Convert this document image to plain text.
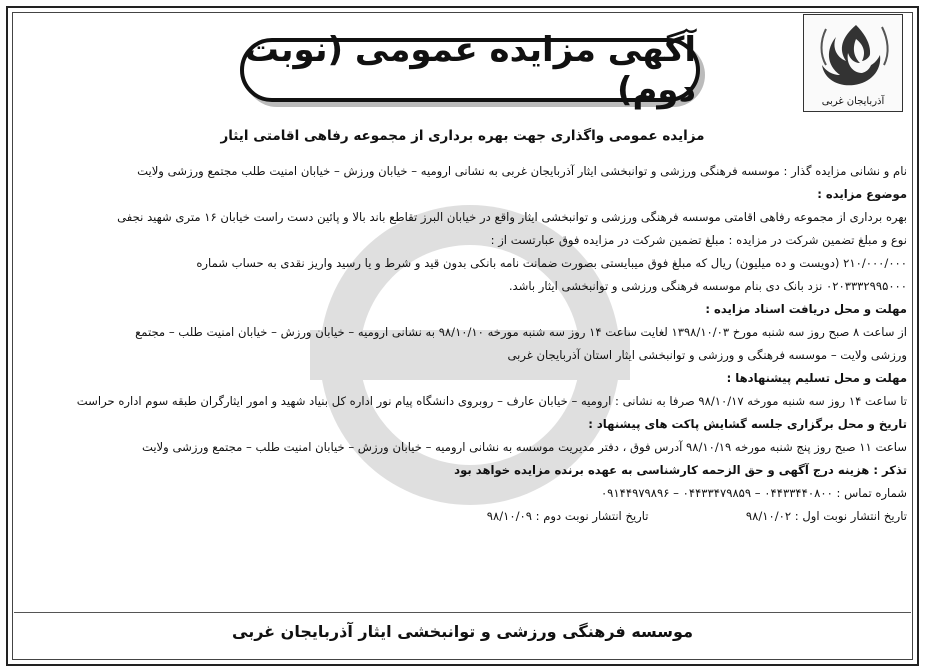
آگهی مزایده عمومی (نوبت دوم)	آذربایجان غربی
مزایده عمومی واگذاری جهت بهره برداری از مجموعه رفاهی اقامتی ایثار
نام و نشانی مزایده گذار : موسسه فرهنگی ورزشی و توانبخشی ایثار آذربایجان غربی به نشانی ارومیه – خیابان ورزش – خیابان امنیت طلب مجتمع ورزشی ولایت
موضوع مزایده :
بهره برداری از مجموعه رفاهی اقامتی موسسه فرهنگی ورزشی و توانبخشی ایثار واقع در خیابان البرز تقاطع باند بالا و پائین دست راست خیابان ۱۶ متری شهید نجفی
نوع و مبلغ تضمین شرکت در مزایده : مبلغ تضمین شرکت در مزایده فوق عبارتست از :
۲۱۰/۰۰۰/۰۰۰ (دویست و ده میلیون) ریال که مبلغ فوق میبایستی بصورت ضمانت نامه بانکی بدون قید و شرط و یا رسید واریز نقدی به حساب شماره
۰۲۰۳۳۳۲۹۹۵۰۰۰ نزد بانک دی بنام موسسه فرهنگی ورزشی و توانبخشی ایثار باشد.
مهلت و محل دریافت اسناد مزایده :
از ساعت ۸ صبح روز سه شنبه مورخ ۱۳۹۸/۱۰/۰۳ لغایت ساعت ۱۴ روز سه شنبه مورخه ۹۸/۱۰/۱۰ به نشانی ارومیه – خیابان ورزش – خیابان امنیت طلب – مجتمع
ورزشی ولایت – موسسه فرهنگی و ورزشی و توانبخشی ایثار استان آذربایجان غربی
مهلت و محل تسلیم پیشنهادها :
تا ساعت ۱۴ روز سه شنبه مورخه ۹۸/۱۰/۱۷ صرفا به نشانی : ارومیه – خیابان عارف – روبروی دانشگاه پیام نور اداره کل بنیاد شهید و امور ایثارگران طبقه سوم اداره حراست
تاریخ و محل برگزاری جلسه گشایش پاکت های پیشنهاد :
ساعت ۱۱ صبح روز پنج شنبه مورخه ۹۸/۱۰/۱۹ آدرس فوق ، دفتر مدیریت موسسه به نشانی ارومیه – خیابان ورزش – خیابان امنیت طلب – مجتمع ورزشی ولایت
تذکر : هزینه درج آگهی و حق الزحمه کارشناسی به عهده برنده مزایده خواهد بود
شماره تماس : ۰۴۴۳۳۴۴۰۸۰۰ – ۰۴۴۳۳۴۷۹۸۵۹ – ۰۹۱۴۴۹۷۹۸۹۶
تاریخ انتشار نوبت اول : ۹۸/۱۰/۰۲  تاریخ انتشار نوبت دوم : ۹۸/۱۰/۰۹
موسسه فرهنگی ورزشی و توانبخشی ایثار آذربایجان غربی
